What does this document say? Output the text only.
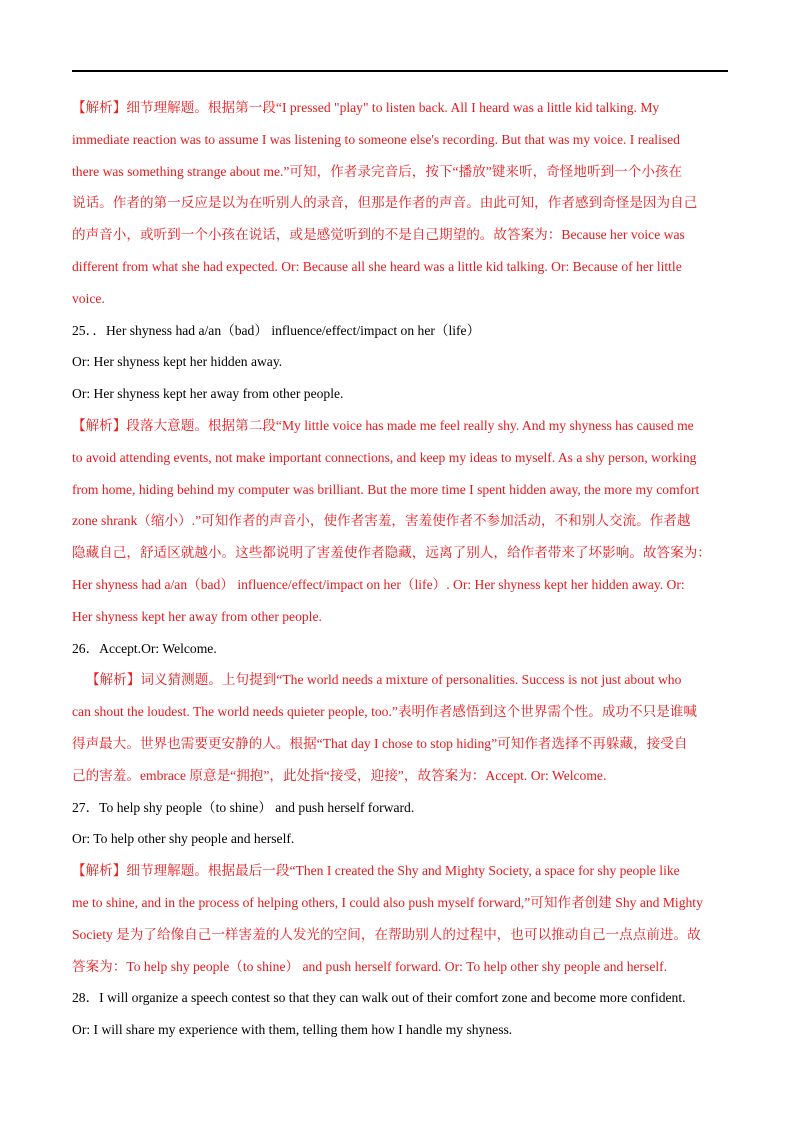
【解析】细节理解题。根据第一段“I pressed "play" to listen back. All I heard was a little kid talking. My
immediate reaction was to assume I was listening to someone else's recording. But that was my voice. I realised
there was something strange about me.”可知，作者录完音后，按下“播放”键来听，奇怪地听到一个小孩在
说话。作者的第一反应是以为在听别人的录音，但那是作者的声音。由此可知，作者感到奇怪是因为自己
的声音小，或听到一个小孩在说话，或是感觉听到的不是自己期望的。故答案为：Because her voice was
different from what she had expected. Or: Because all she heard was a little kid talking. Or: Because of her little
voice.
25．．Her shyness had a/an（bad） influence/effect/impact on her（life）
Or: Her shyness kept her hidden away.
Or: Her shyness kept her away from other people.
【解析】段落大意题。根据第二段“My little voice has made me feel really shy. And my shyness has caused me
to avoid attending events, not make important connections, and keep my ideas to myself. As a shy person, working
from home, hiding behind my computer was brilliant. But the more time I spent hidden away, the more my comfort
zone shrank（缩小）.”可知作者的声音小，使作者害羞，害羞使作者不参加活动，不和别人交流。作者越
隐藏自己，舒适区就越小。这些都说明了害羞使作者隐藏，远离了别人，给作者带来了坏影响。故答案为：
Her shyness had a/an（bad） influence/effect/impact on her（life）. Or: Her shyness kept her hidden away. Or:
Her shyness kept her away from other people.
26．Accept.Or: Welcome.
【解析】词义猜测题。上句提到“The world needs a mixture of personalities. Success is not just about who
can shout the loudest. The world needs quieter people, too.”表明作者感悟到这个世界需个性。成功不只是谁喊
得声最大。世界也需要更安静的人。根据“That day I chose to stop hiding”可知作者选择不再躲藏，接受自
己的害羞。embrace 原意是“拥抱”，此处指“接受，迎接”，故答案为：Accept. Or: Welcome.
27．To help shy people（to shine） and push herself forward.
Or: To help other shy people and herself.
【解析】细节理解题。根据最后一段“Then I created the Shy and Mighty Society, a space for shy people like
me to shine, and in the process of helping others, I could also push myself forward,”可知作者创建 Shy and Mighty
Society 是为了给像自己一样害羞的人发光的空间，在帮助别人的过程中，也可以推动自己一点点前进。故
答案为：To help shy people（to shine） and push herself forward. Or: To help other shy people and herself.
28．I will organize a speech contest so that they can walk out of their comfort zone and become more confident.
Or: I will share my experience with them, telling them how I handle my shyness.
